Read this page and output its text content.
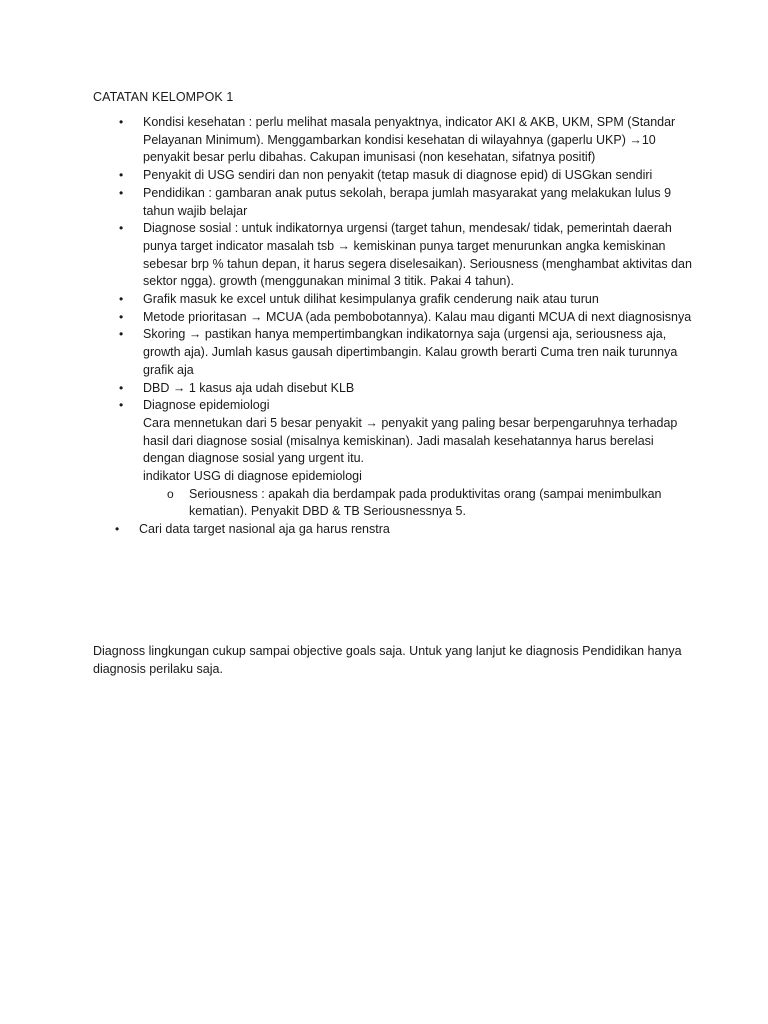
CATATAN KELOMPOK 1
• Kondisi kesehatan : perlu melihat masala penyaktnya, indicator AKI & AKB, UKM, SPM (Standar Pelayanan Minimum). Menggambarkan kondisi kesehatan di wilayahnya (gaperlu UKP) →10 penyakit besar perlu dibahas. Cakupan imunisasi (non kesehatan, sifatnya positif)
• Penyakit di USG sendiri dan non penyakit (tetap masuk di diagnose epid) di USGkan sendiri
• Pendidikan : gambaran anak putus sekolah, berapa jumlah masyarakat yang melakukan lulus 9 tahun wajib belajar
• Diagnose sosial : untuk indikatornya urgensi (target tahun, mendesak/ tidak, pemerintah daerah punya target indicator masalah tsb → kemiskinan punya target menurunkan angka kemiskinan sebesar brp % tahun depan, it harus segera diselesaikan). Seriousness (menghambat aktivitas dan sektor ngga). growth (menggunakan minimal 3 titik. Pakai 4 tahun).
• Grafik masuk ke excel untuk dilihat kesimpulanya grafik cenderung naik atau turun
• Metode prioritasan → MCUA (ada pembobotannya). Kalau mau diganti MCUA di next diagnosisnya
• Skoring → pastikan hanya mempertimbangkan indikatornya saja (urgensi aja, seriousness aja, growth aja). Jumlah kasus gausah dipertimbangin. Kalau growth berarti Cuma tren naik turunnya grafik aja
• DBD → 1 kasus aja udah disebut KLB
• Diagnose epidemiologi
Cara mennetukan dari 5 besar penyakit → penyakit yang paling besar berpengaruhnya terhadap hasil dari diagnose sosial (misalnya kemiskinan). Jadi masalah kesehatannya harus berelasi dengan diagnose sosial yang urgent itu.
indikator USG di diagnose epidemiologi
o Seriousness : apakah dia berdampak pada produktivitas orang (sampai menimbulkan kematian). Penyakit DBD & TB Seriousnessnya 5.
• Cari data target nasional aja ga harus renstra
Diagnoss lingkungan cukup sampai objective goals saja. Untuk yang lanjut ke diagnosis Pendidikan hanya diagnosis perilaku saja.
